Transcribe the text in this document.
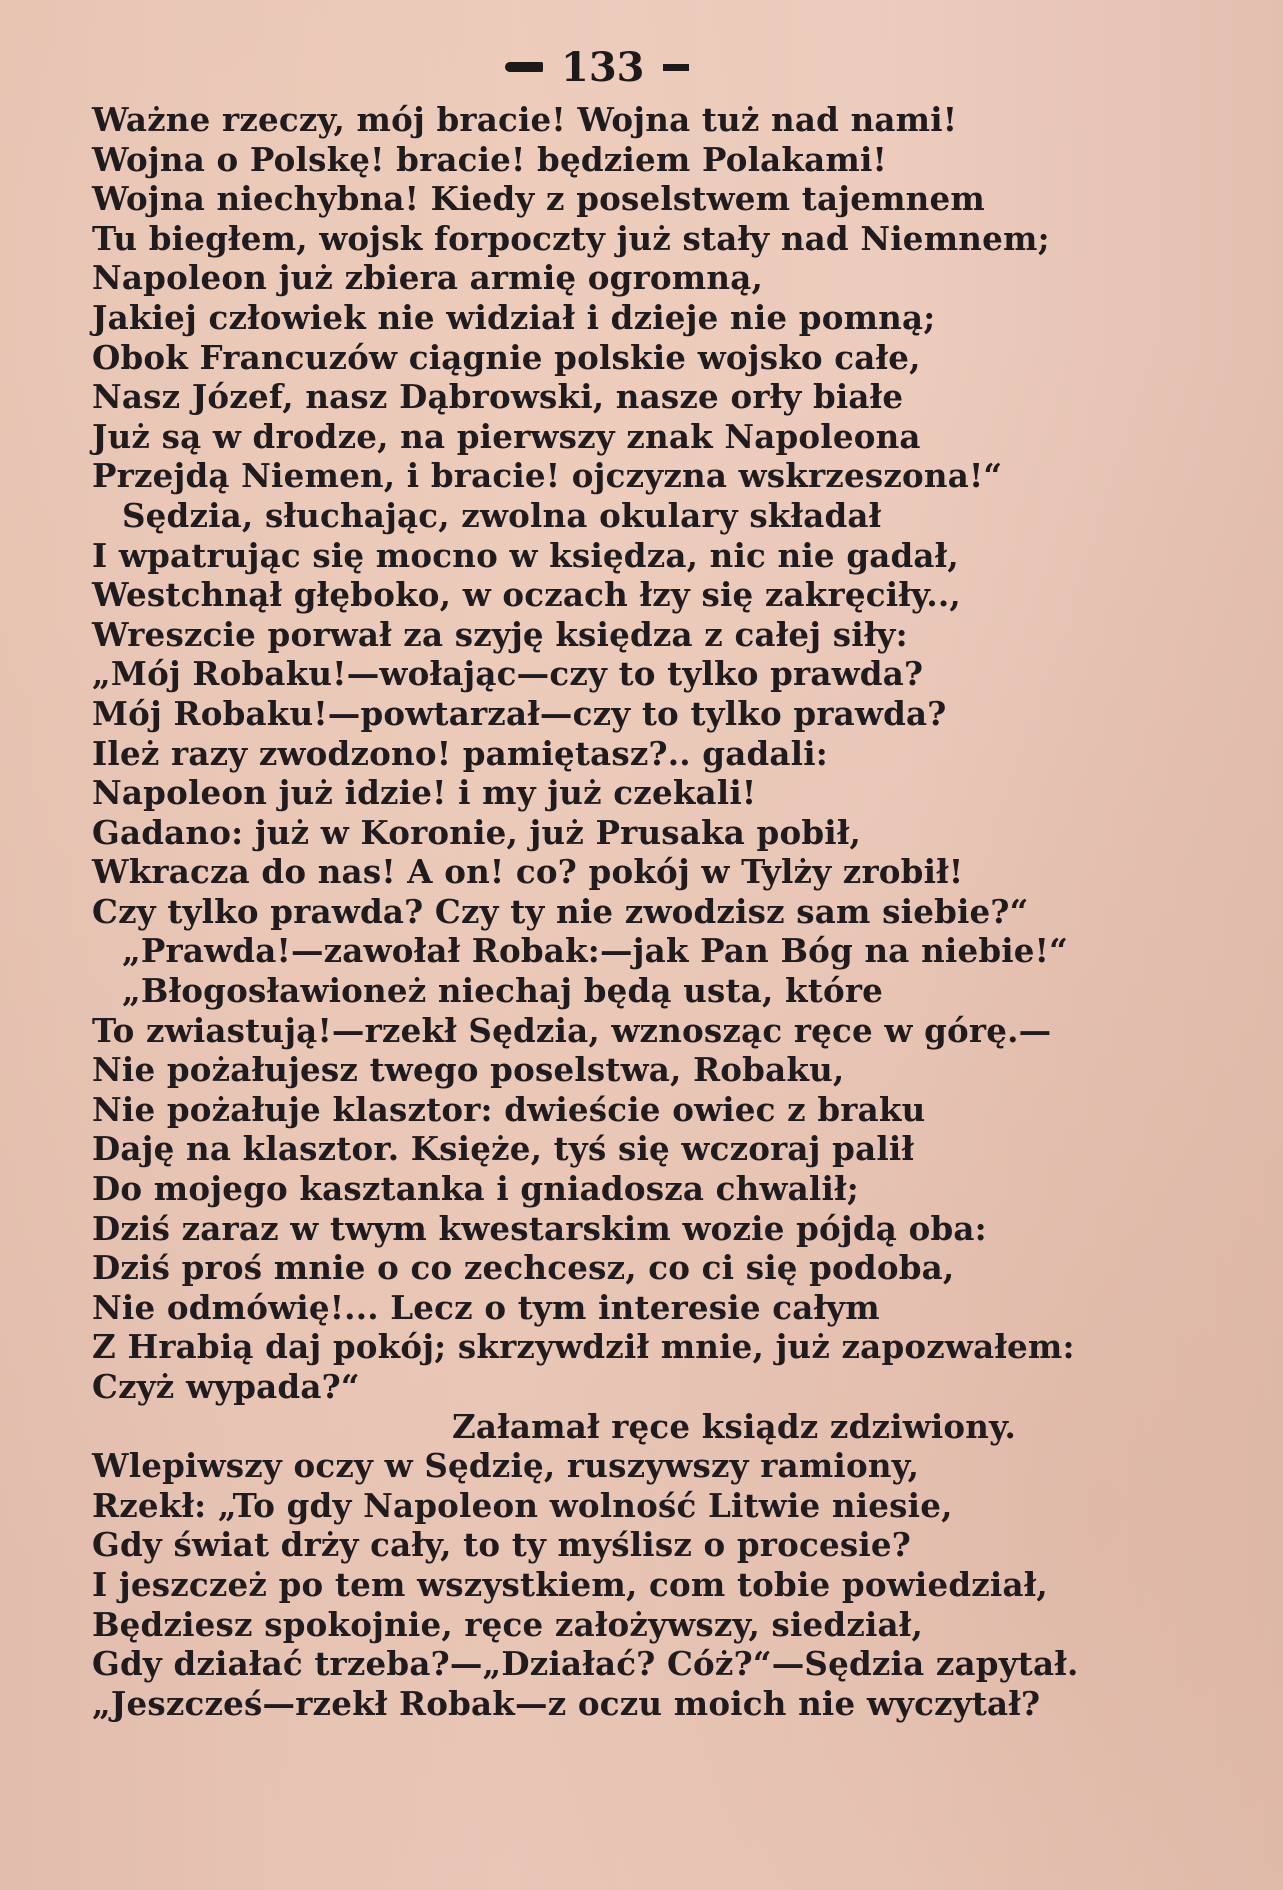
133
Ważne rzeczy, mój bracie! Wojna tuż nad nami!
Wojna o Polskę! bracie! będziem Polakami!
Wojna niechybna! Kiedy z poselstwem tajemnem
Tu biegłem, wojsk forpoczty już stały nad Niemnem;
Napoleon już zbiera armię ogromną,
Jakiej człowiek nie widział i dzieje nie pomną;
Obok Francuzów ciągnie polskie wojsko całe,
Nasz Józef, nasz Dąbrowski, nasze orły białe
Już są w drodze, na pierwszy znak Napoleona
Przejdą Niemen, i bracie! ojczyzna wskrzeszona!“
Sędzia, słuchając, zwolna okulary składał
I wpatrując się mocno w księdza, nic nie gadał,
Westchnął głęboko, w oczach łzy się zakręciły..,
Wreszcie porwał za szyję księdza z całej siły:
„Mój Robaku!—wołając—czy to tylko prawda?
Mój Robaku!—powtarzał—czy to tylko prawda?
Ileż razy zwodzono! pamiętasz?.. gadali:
Napoleon już idzie! i my już czekali!
Gadano: już w Koronie, już Prusaka pobił,
Wkracza do nas! A on! co? pokój w Tylży zrobił!
Czy tylko prawda? Czy ty nie zwodzisz sam siebie?“
„Prawda!—zawołał Robak:—jak Pan Bóg na niebie!“
„Błogosławioneż niechaj będą usta, które
To zwiastują!—rzekł Sędzia, wznosząc ręce w górę.—
Nie pożałujesz twego poselstwa, Robaku,
Nie pożałuje klasztor: dwieście owiec z braku
Daję na klasztor. Księże, tyś się wczoraj palił
Do mojego kasztanka i gniadosza chwalił;
Dziś zaraz w twym kwestarskim wozie pójdą oba:
Dziś proś mnie o co zechcesz, co ci się podoba,
Nie odmówię!... Lecz o tym interesie całym
Z Hrabią daj pokój; skrzywdził mnie, już zapozwałem:
Czyż wypada?“
Załamał ręce ksiądz zdziwiony.
Wlepiwszy oczy w Sędzię, ruszywszy ramiony,
Rzekł: „To gdy Napoleon wolność Litwie niesie,
Gdy świat drży cały, to ty myślisz o procesie?
I jeszczeż po tem wszystkiem, com tobie powiedział,
Będziesz spokojnie, ręce założywszy, siedział,
Gdy działać trzeba?—„Działać? Cóż?“—Sędzia zapytał.
„Jeszcześ—rzekł Robak—z oczu moich nie wyczytał?
